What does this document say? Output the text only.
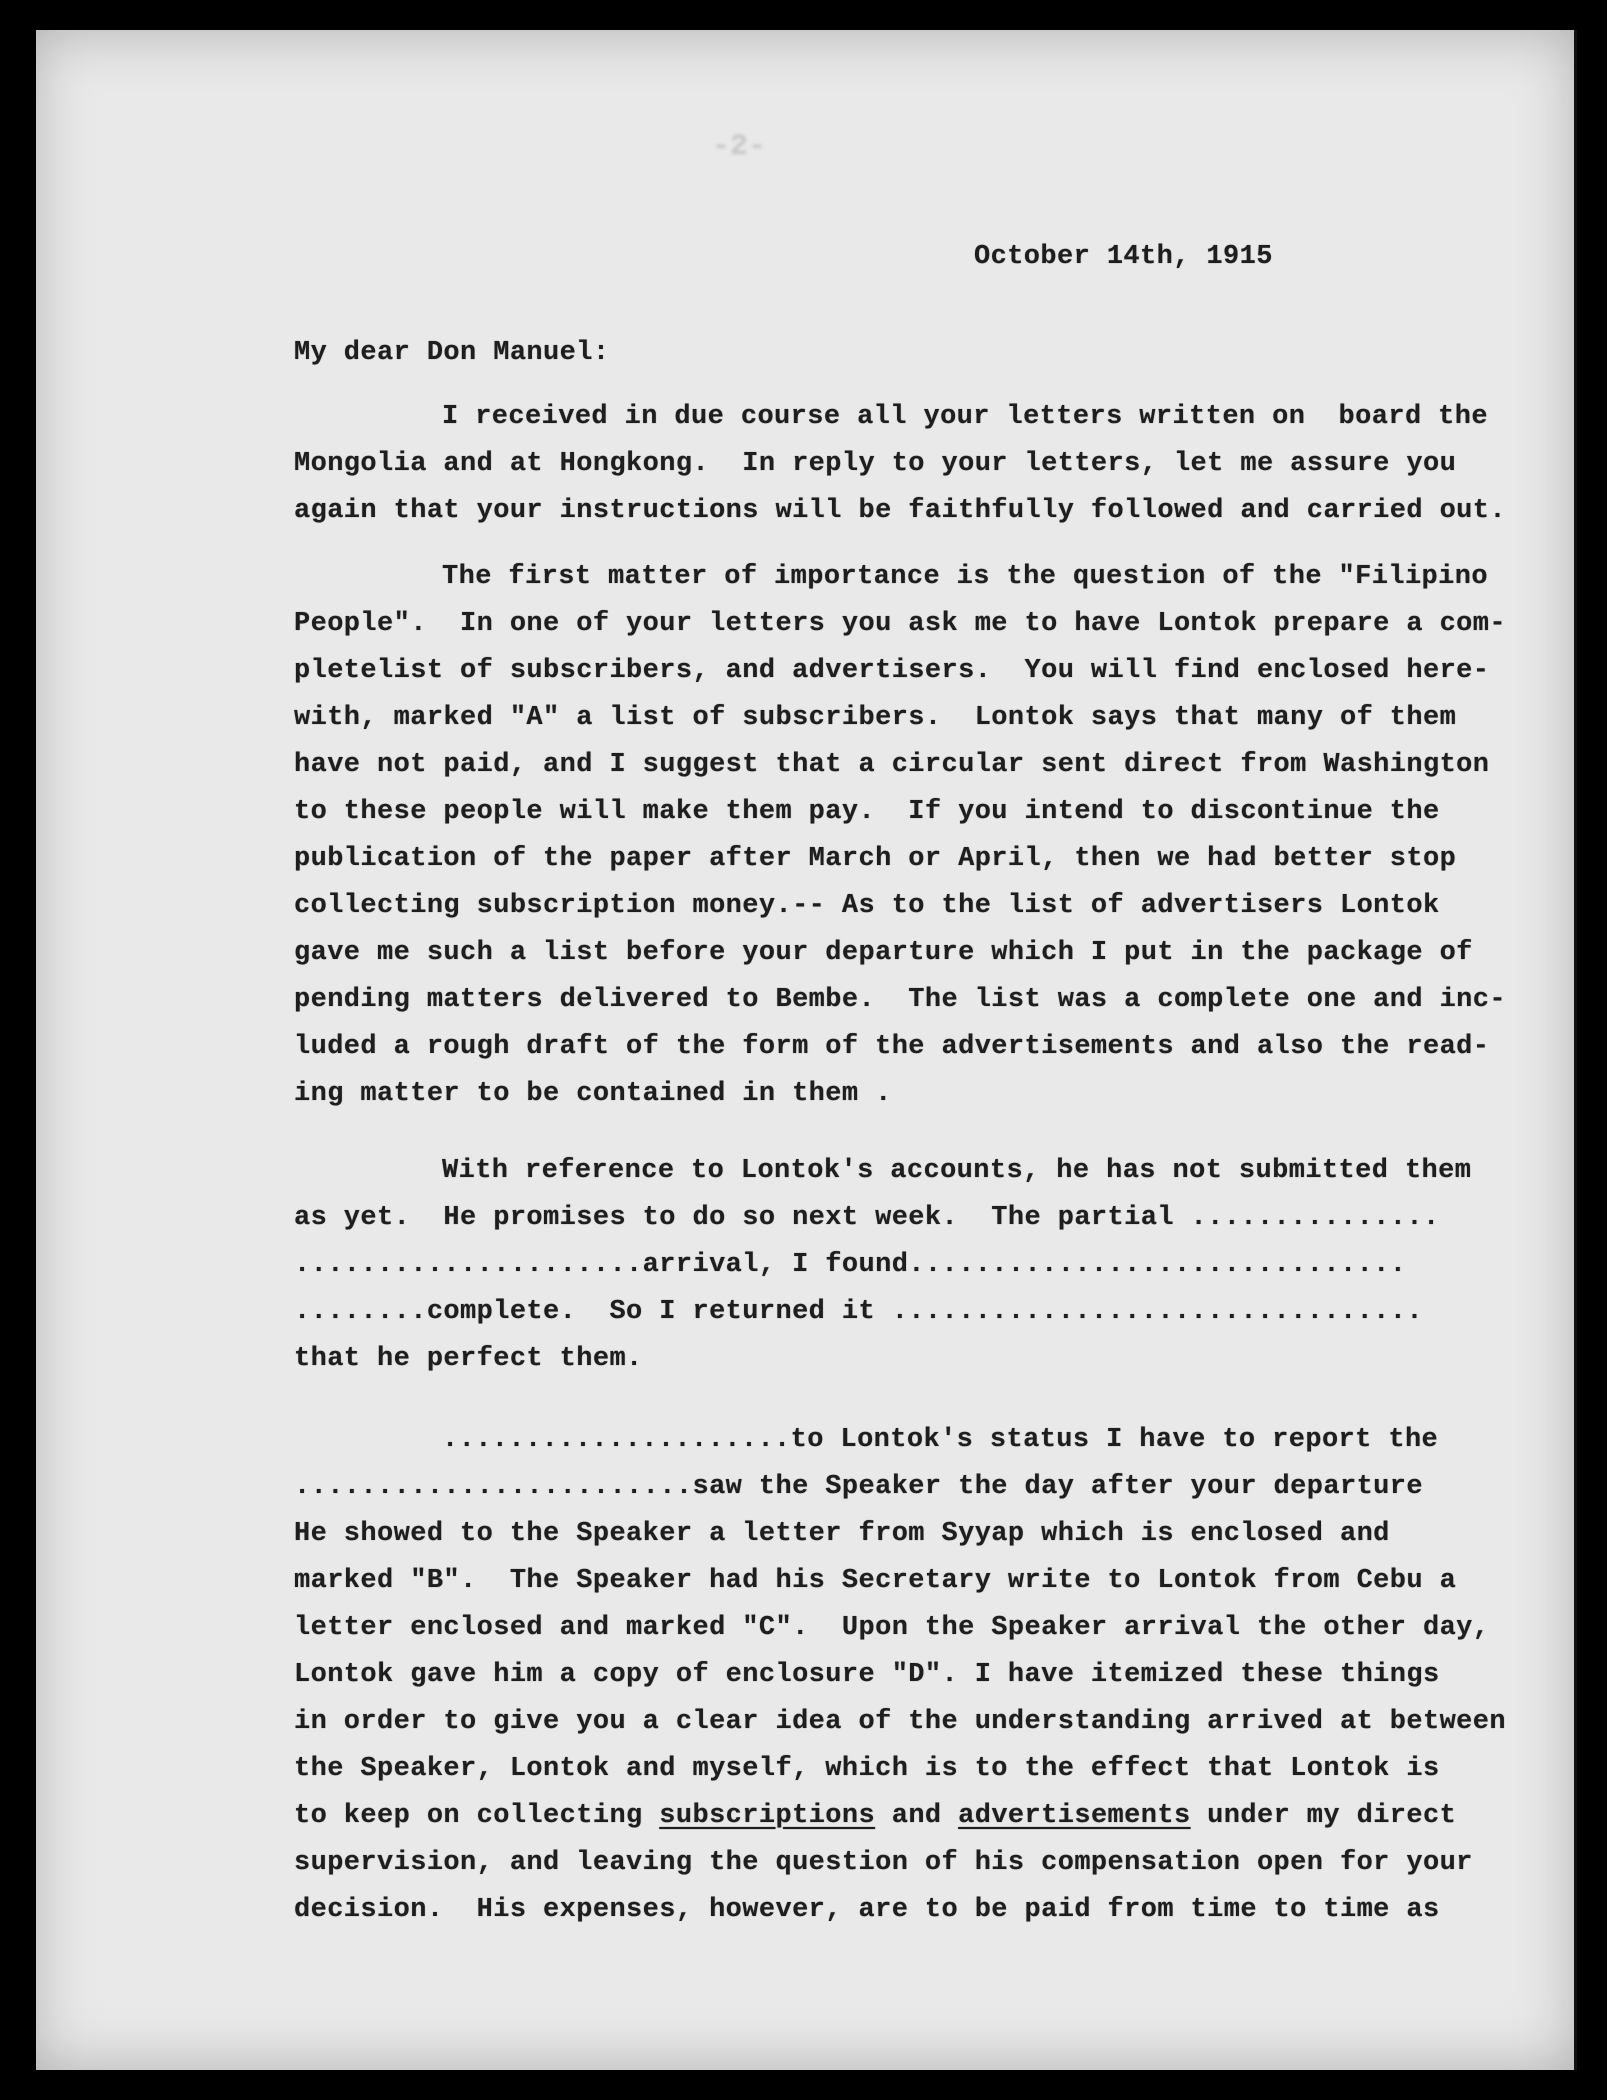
-2-
October 14th, 1915
My dear Don Manuel:
I received in due course all your letters written on  board the
Mongolia and at Hongkong.  In reply to your letters, let me assure you
again that your instructions will be faithfully followed and carried out.
The first matter of importance is the question of the "Filipino
People".  In one of your letters you ask me to have Lontok prepare a com-
pletelist of subscribers, and advertisers.  You will find enclosed here-
with, marked "A" a list of subscribers.  Lontok says that many of them
have not paid, and I suggest that a circular sent direct from Washington
to these people will make them pay.  If you intend to discontinue the
publication of the paper after March or April, then we had better stop
collecting subscription money.-- As to the list of advertisers Lontok
gave me such a list before your departure which I put in the package of
pending matters delivered to Bembe.  The list was a complete one and inc-
luded a rough draft of the form of the advertisements and also the read-
ing matter to be contained in them .
With reference to Lontok's accounts, he has not submitted them
as yet.  He promises to do so next week.  The partial ...............
.....................arrival, I found..............................
........complete.  So I returned it ................................
that he perfect them.
.....................to Lontok's status I have to report the
........................saw the Speaker the day after your departure
He showed to the Speaker a letter from Syyap which is enclosed and
marked "B".  The Speaker had his Secretary write to Lontok from Cebu a
letter enclosed and marked "C".  Upon the Speaker arrival the other day,
Lontok gave him a copy of enclosure "D". I have itemized these things
in order to give you a clear idea of the understanding arrived at between
the Speaker, Lontok and myself, which is to the effect that Lontok is
to keep on collecting subscriptions and advertisements under my direct
supervision, and leaving the question of his compensation open for your
decision.  His expenses, however, are to be paid from time to time as
